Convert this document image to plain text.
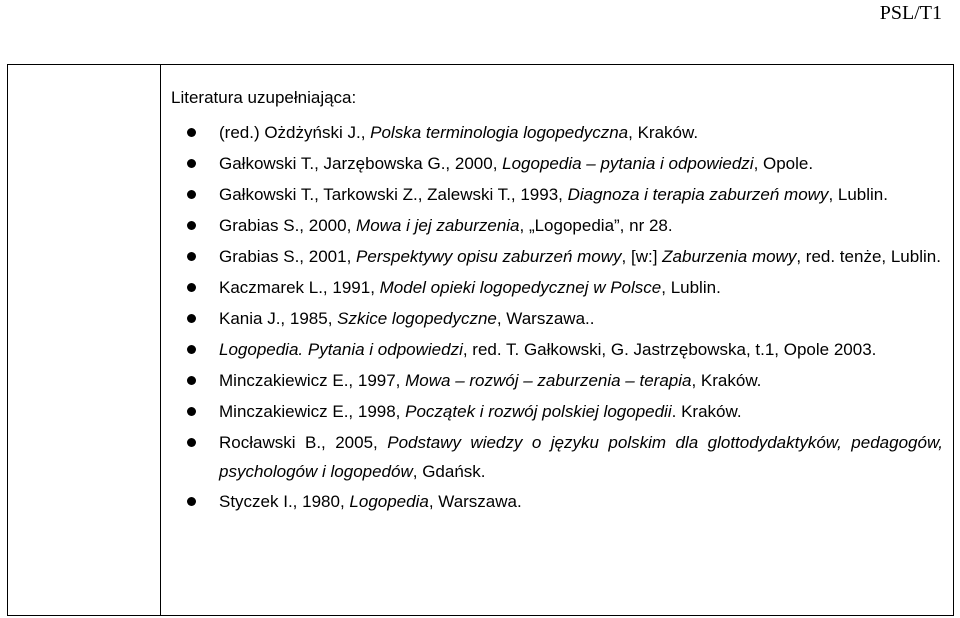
PSL/T1
Literatura uzupełniająca:
(red.) Ożdżyński J., Polska terminologia logopedyczna, Kraków.
Gałkowski T., Jarzębowska G., 2000, Logopedia – pytania i odpowiedzi, Opole.
Gałkowski T., Tarkowski Z., Zalewski T., 1993, Diagnoza i terapia zaburzeń mowy, Lublin.
Grabias S., 2000, Mowa i jej zaburzenia, „Logopedia”, nr 28.
Grabias S., 2001, Perspektywy opisu zaburzeń mowy, [w:] Zaburzenia mowy, red. tenże, Lublin.
Kaczmarek L., 1991, Model opieki logopedycznej w Polsce, Lublin.
Kania J., 1985, Szkice logopedyczne, Warszawa..
Logopedia. Pytania i odpowiedzi, red. T. Gałkowski, G. Jastrzębowska, t.1, Opole 2003.
Minczakiewicz E., 1997, Mowa – rozwój – zaburzenia – terapia, Kraków.
Minczakiewicz E., 1998, Początek i rozwój polskiej logopedii. Kraków.
Rocławski B., 2005, Podstawy wiedzy o języku polskim dla glottodydaktyków, pedagogów, psychologów i logopedów, Gdańsk.
Styczek I., 1980, Logopedia, Warszawa.
